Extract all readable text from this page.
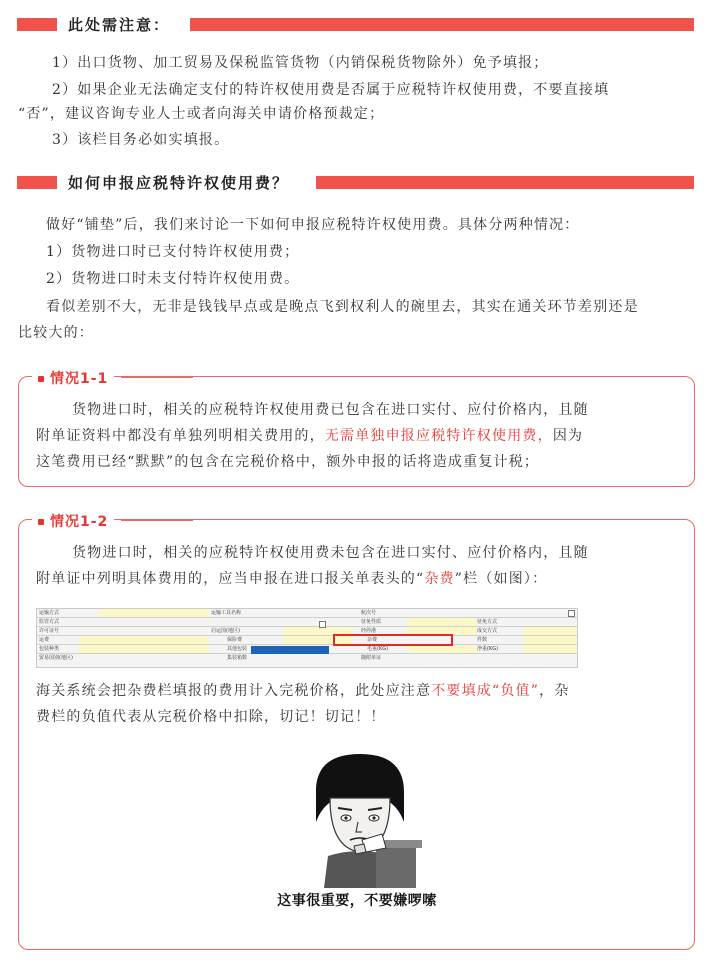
此处需注意：
1）出口货物、加工贸易及保税监管货物（内销保税货物除外）免予填报；
2）如果企业无法确定支付的特许权使用费是否属于应税特许权使用费，不要直接填
“否”，建议咨询专业人士或者向海关申请价格预裁定；
3）该栏目务必如实填报。
如何申报应税特许权使用费？
做好“铺垫”后，我们来讨论一下如何申报应税特许权使用费。具体分两种情况：
1）货物进口时已支付特许权使用费；
2）货物进口时未支付特许权使用费。
看似差别不大，无非是钱钱早点或是晚点飞到权利人的碗里去，其实在通关环节差别还是
比较大的：
情况1-1
货物进口时，相关的应税特许权使用费已包含在进口实付、应付价格内，且随
附单证资料中都没有单独列明相关费用的，无需单独申报应税特许权使用费，因为
这笔费用已经“默默”的包含在完税价格中，额外申报的话将造成重复计税；
情况1-2
货物进口时，相关的应税特许权使用费未包含在进口实付、应付价格内，且随
附单证中列明具体费用的，应当申报在进口报关单表头的“杂费”栏（如图）：
运输方式	运输工具名称	航次号
监管方式	征免性质	征免方式
许可证号	启运国(地区)	经停港	成交方式
运费	保险费	杂费	件数
包装种类	其他包装	毛重(KG)	净重(KG)
贸易国别(地区)	集装箱数	随附单证
海关系统会把杂费栏填报的费用计入完税价格，此处应注意不要填成“负值”，杂
费栏的负值代表从完税价格中扣除，切记！切记！！
这事很重要，不要嫌啰嗦
